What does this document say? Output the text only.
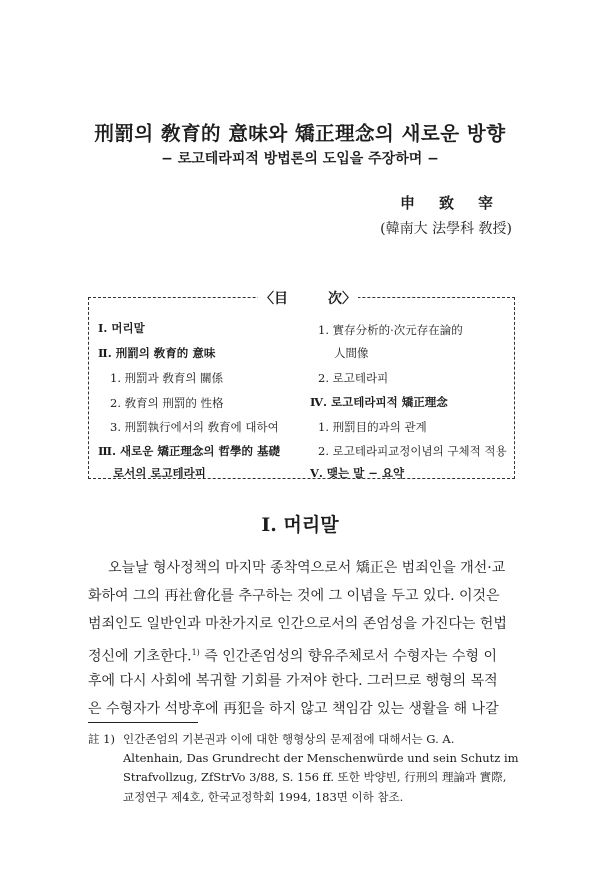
刑罰의 敎育的 意味와 矯正理念의 새로운 방향
− 로고테라피적 방법론의 도입을 주장하며 −
申致宰
(韓南大 法學科 敎授)
〈目	次〉
Ⅰ. 머리말
Ⅱ. 刑罰의 敎育的 意味
1. 刑罰과 敎育의 關係
2. 敎育의 刑罰的 性格
3. 刑罰執行에서의 敎育에 대하여
Ⅲ. 새로운 矯正理念의 哲學的 基礎
로서의 로고테라피
1. 實存分析的·次元存在論的
人間像
2. 로고테라피
Ⅳ. 로고테라피적 矯正理念
1. 刑罰目的과의 관계
2. 로고테라피교정이념의 구체적 적용
Ⅴ. 맺는 말 − 요약
Ⅰ. 머리말
오늘날 형사정책의 마지막 종착역으로서 矯正은 범죄인을 개선·교
화하여 그의 再社會化를 추구하는 것에 그 이념을 두고 있다. 이것은
범죄인도 일반인과 마찬가지로 인간으로서의 존엄성을 가진다는 헌법
정신에 기초한다.$^{1)}$ 즉 인간존엄성의 향유주체로서 수형자는 수형 이
후에 다시 사회에 복귀할 기회를 가져야 한다. 그러므로 행형의 목적
은 수형자가 석방후에 再犯을 하지 않고 책임감 있는 생활을 해 나갈
註 1) 인간존엄의 기본권과 이에 대한 행형상의 문제점에 대해서는 G. A.
Altenhain, Das Grundrecht der Menschenwürde und sein Schutz im
Strafvollzug, ZfStrVo 3/88, S. 156 ff. 또한 박양빈, 行刑의 理論과 實際,
교정연구 제4호, 한국교정학회 1994, 183면 이하 참조.
